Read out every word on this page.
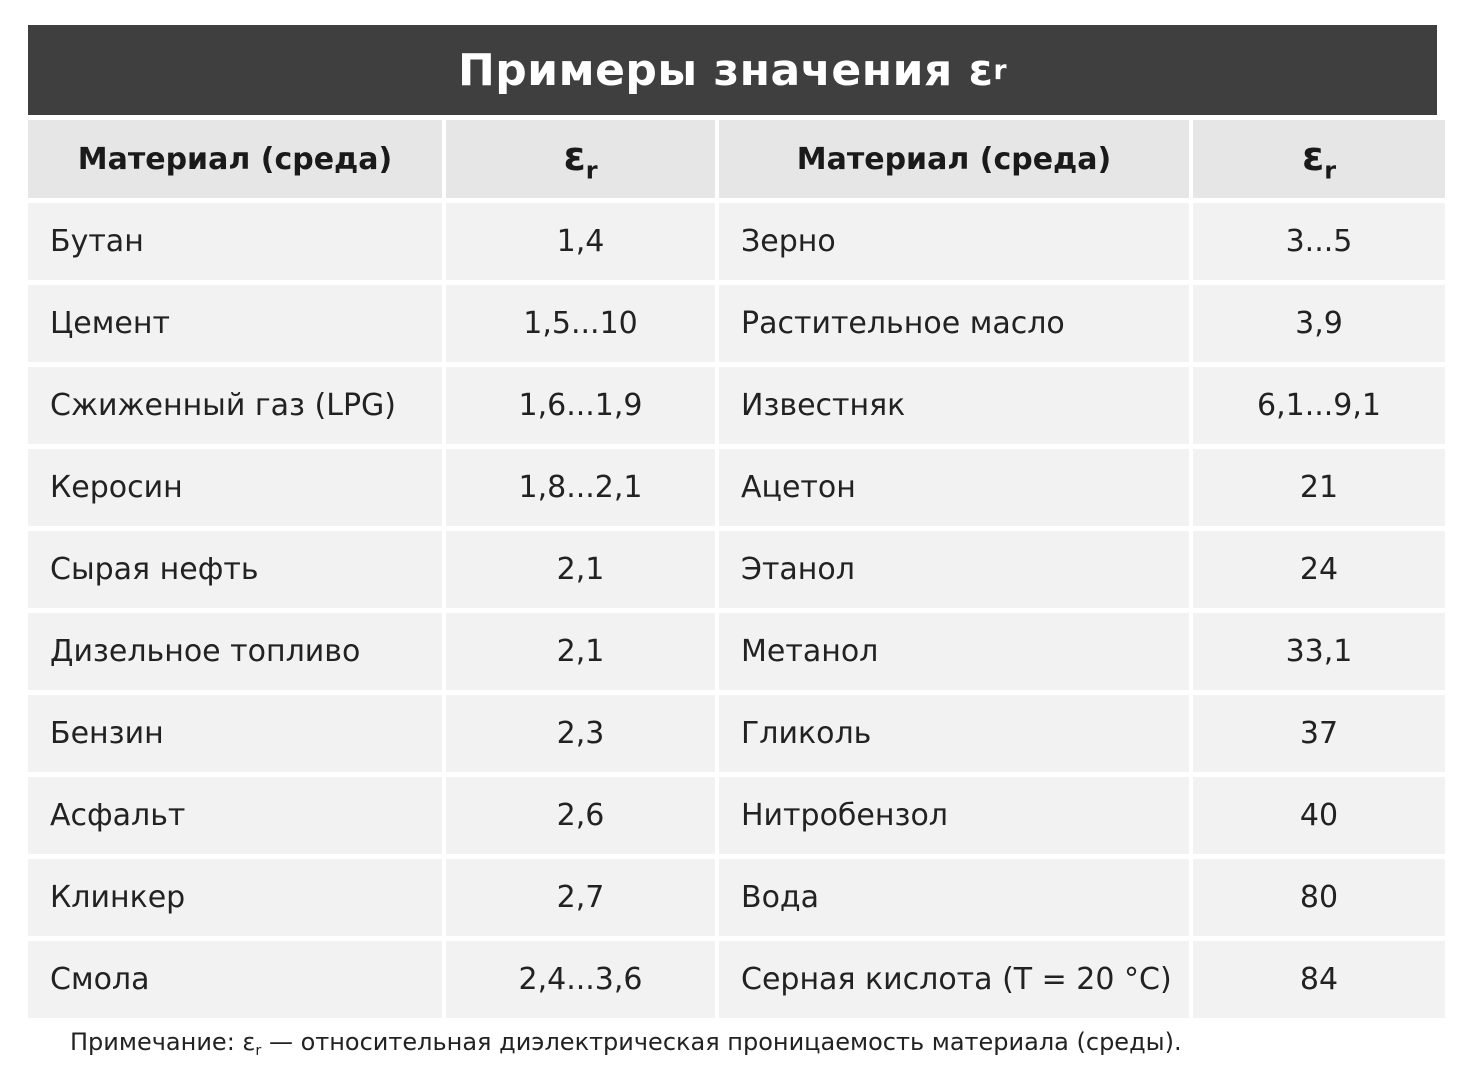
Примеры значения ε r
Материал (среда)	$\varepsilon_r$	Материал (среда)	$\varepsilon_r$
Бутан	1,4	Зерно	3...5
Цемент	1,5...10	Растительное масло	3,9
Сжиженный газ (LPG)	1,6...1,9	Известняк	6,1...9,1
Керосин	1,8...2,1	Ацетон	21
Сырая нефть	2,1	Этанол	24
Дизельное топливо	2,1	Метанол	33,1
Бензин	2,3	Гликоль	37
Асфальт	2,6	Нитробензол	40
Клинкер	2,7	Вода	80
Смола	2,4...3,6	Серная кислота (T = 20 °C)	84
Примечание: $\varepsilon_r$ — относительная диэлектрическая проницаемость материала (среды).
